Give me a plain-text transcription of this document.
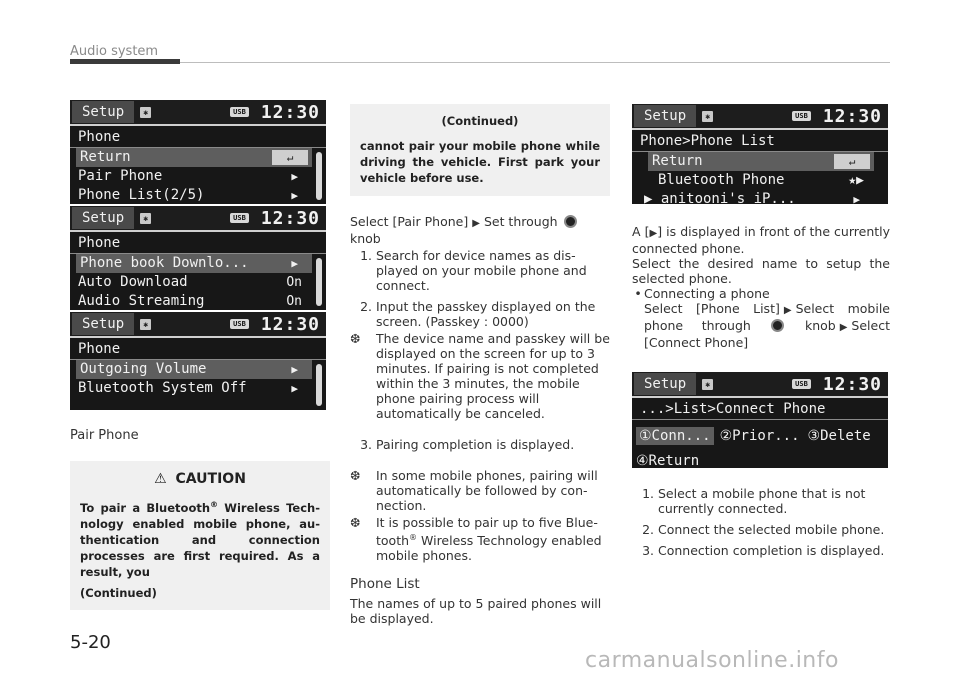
Audio system
Setup	✱	USB 12:30
Phone
Return	↵
Pair Phone	▶
Phone List(2/5)	▶
Setup	✱	USB 12:30
Phone
Phone book Downlo...	▶
Auto Download	On
Audio Streaming	On
Setup	✱	USB 12:30
Phone
Outgoing Volume	▶
Bluetooth System Off	▶
Pair Phone
⚠ CAUTION
To pair a Bluetooth® Wireless Technology enabled mobile phone, authentication and connection processes are first required. As a result, you
(Continued)
(Continued)
cannot pair your mobile phone while driving the vehicle. First park your vehicle before use.

Select [Pair Phone] ▶ Set through
knob

1. Search for device names as displayed on your mobile phone and connect.
2. Input the passkey displayed on the screen. (Passkey : 0000)
❆	The device name and passkey will be displayed on the screen for up to 3 minutes. If pairing is not completed within the 3 minutes, the mobile phone pairing process will automatically be canceled.
3. Pairing completion is displayed.
❆	In some mobile phones, pairing will automatically be followed by connection.
❆	It is possible to pair up to five Bluetooth® Wireless Technology enabled mobile phones.
Phone List

The names of up to 5 paired phones will be displayed.

Setup	✱	USB 12:30
Phone>Phone List
Return	↵
Bluetooth Phone	★▶
▶ anitooni's iP...	▶

A [▶] is displayed in front of the currently connected phone.

Select the desired name to setup the selected phone.

• Connecting a phone
Select [Phone List] ▶ Select mobile phone through	knob ▶ Select [Connect Phone]
Setup	✱	USB 12:30
...>List>Connect Phone
①Conn... ②Prior... ③Delete
④Return
1. Select a mobile phone that is not currently connected.
2. Connect the selected mobile phone.
3. Connection completion is displayed.
5-20
carmanualsonline.info
